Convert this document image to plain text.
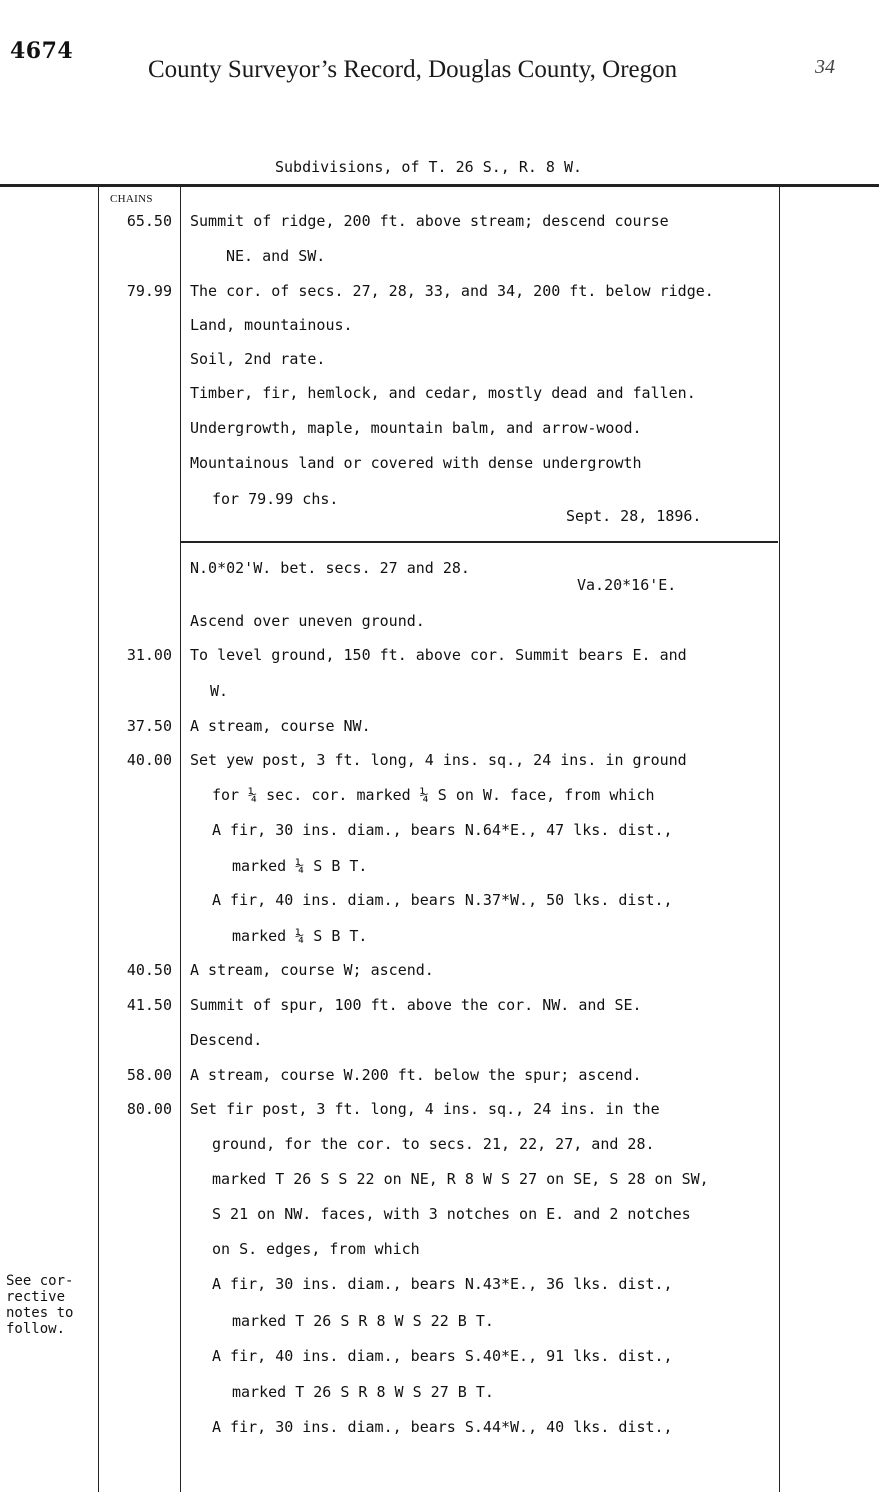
4674
County Surveyor’s Record, Douglas County, Oregon	34
Subdivisions, of T. 26 S., R. 8 W.
CHAINS
65.50
79.99
31.00
37.50
40.00
40.50
41.50
58.00
80.00
Summit of ridge, 200 ft. above stream; descend course
NE. and SW.
The cor. of secs. 27, 28, 33, and 34, 200 ft. below ridge.
Land, mountainous.
Soil, 2nd rate.
Timber, fir, hemlock, and cedar, mostly dead and fallen.
Undergrowth, maple, mountain balm, and arrow-wood.
Mountainous land or covered with dense undergrowth
for 79.99 chs.
Sept. 28, 1896.
N.0*02'W. bet. secs. 27 and 28.
Va.20*16'E.
Ascend over uneven ground.
To level ground, 150 ft. above cor. Summit bears E. and
W.
A stream, course NW.
Set yew post, 3 ft. long, 4 ins. sq., 24 ins. in ground
for ¼ sec. cor. marked ¼ S on W. face, from which
A fir, 30 ins. diam., bears N.64*E., 47 lks. dist.,
marked ¼ S B T.
A fir, 40 ins. diam., bears N.37*W., 50 lks. dist.,
marked ¼ S B T.
A stream, course W; ascend.
Summit of spur, 100 ft. above the cor. NW. and SE.
Descend.
A stream, course W.200 ft. below the spur; ascend.
Set fir post, 3 ft. long, 4 ins. sq., 24 ins. in the
ground, for the cor. to secs. 21, 22, 27, and 28.
marked T 26 S S 22 on NE, R 8 W S 27 on SE, S 28 on SW,
S 21 on NW. faces, with 3 notches on E. and 2 notches
on S. edges, from which
A fir, 30 ins. diam., bears N.43*E., 36 lks. dist.,
marked T 26 S R 8 W S 22 B T.
A fir, 40 ins. diam., bears S.40*E., 91 lks. dist.,
marked T 26 S R 8 W S 27 B T.
A fir, 30 ins. diam., bears S.44*W., 40 lks. dist.,
See cor-
rective
notes to
follow.
